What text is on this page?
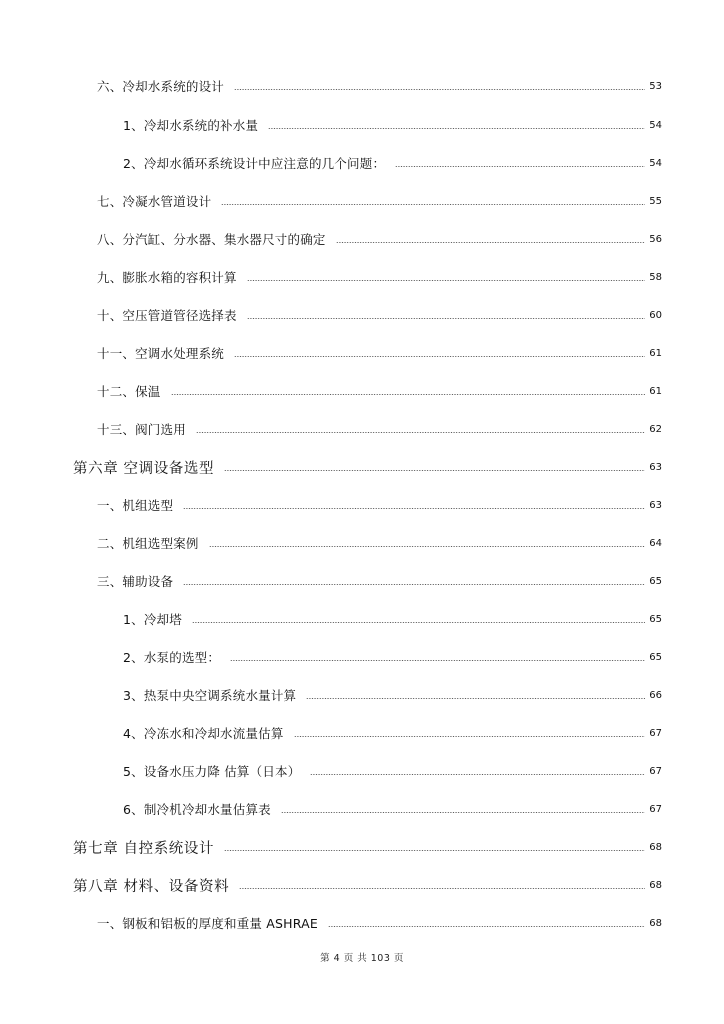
六、冷却水系统的设计	53
1、冷却水系统的补水量	54
2、冷却水循环系统设计中应注意的几个问题：	54
七、冷凝水管道设计	55
八、分汽缸、分水器、集水器尺寸的确定	56
九、膨胀水箱的容积计算	58
十、空压管道管径选择表	60
十一、空调水处理系统	61
十二、保温	61
十三、阀门选用	62
第六章 空调设备选型	63
一、机组选型	63
二、机组选型案例	64
三、辅助设备	65
1、冷却塔	65
2、水泵的选型：	65
3、热泵中央空调系统水量计算	66
4、冷冻水和冷却水流量估算	67
5、设备水压力降 估算（日本）	67
6、制冷机冷却水量估算表	67
第七章 自控系统设计	68
第八章 材料、设备资料	68
一、钢板和铝板的厚度和重量 ASHRAE	68
第 4 页 共 103 页
